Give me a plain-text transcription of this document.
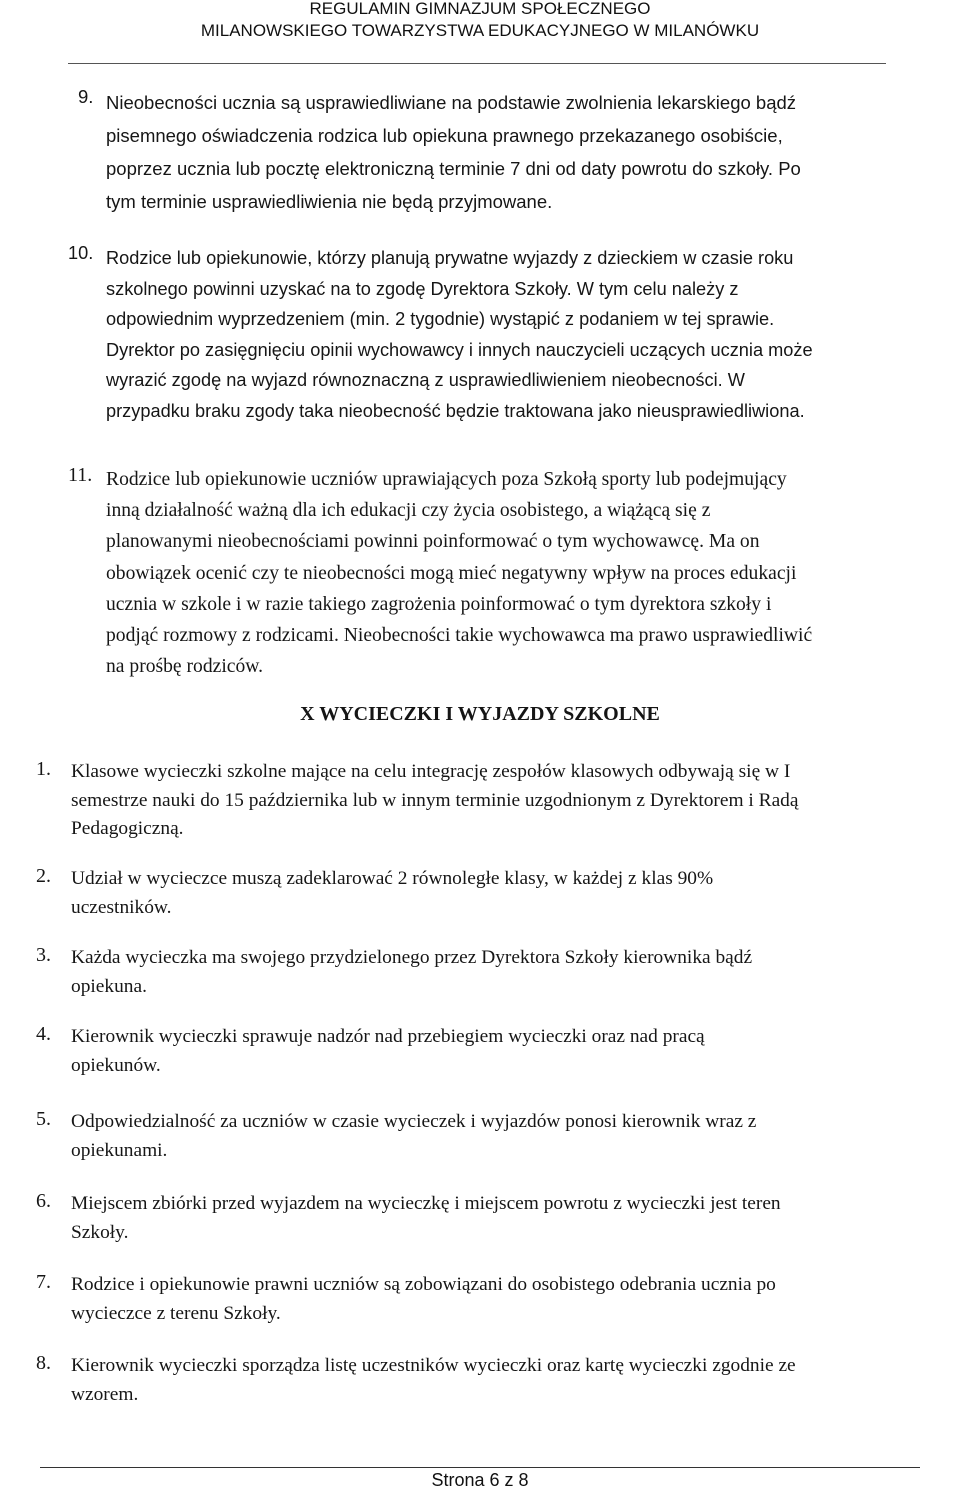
REGULAMIN GIMNAZJUM SPOŁECZNEGO
MILANOWSKIEGO TOWARZYSTWA EDUKACYJNEGO W MILANÓWKU
9. Nieobecności ucznia są usprawiedliwiane na podstawie zwolnienia lekarskiego bądź
pisemnego oświadczenia rodzica lub opiekuna prawnego przekazanego osobiście,
poprzez ucznia lub pocztę elektroniczną terminie 7 dni od daty powrotu do szkoły. Po
tym terminie usprawiedliwienia nie będą przyjmowane.
10. Rodzice lub opiekunowie, którzy planują prywatne wyjazdy z dzieckiem w czasie roku
szkolnego powinni uzyskać na to zgodę Dyrektora Szkoły. W tym celu należy z
odpowiednim wyprzedzeniem (min. 2 tygodnie) wystąpić z podaniem w tej sprawie.
Dyrektor po zasięgnięciu opinii wychowawcy i innych nauczycieli uczących ucznia może
wyrazić zgodę na wyjazd równoznaczną z usprawiedliwieniem nieobecności. W
przypadku braku zgody taka nieobecność będzie traktowana jako nieusprawiedliwiona.
11. Rodzice lub opiekunowie uczniów uprawiających poza Szkołą sporty lub podejmujący
inną działalność ważną dla ich edukacji czy życia osobistego, a wiążącą się z
planowanymi nieobecnościami powinni poinformować o tym wychowawcę. Ma on
obowiązek ocenić czy te nieobecności mogą mieć negatywny wpływ na proces edukacji
ucznia w szkole i w razie takiego zagrożenia poinformować o tym dyrektora szkoły i
podjąć rozmowy z rodzicami. Nieobecności takie wychowawca ma prawo usprawiedliwić
na prośbę rodziców.
X WYCIECZKI I WYJAZDY SZKOLNE
1. Klasowe wycieczki szkolne mające na celu integrację zespołów klasowych odbywają się w I
semestrze nauki do 15 października lub w innym terminie uzgodnionym z Dyrektorem i Radą
Pedagogiczną.
2. Udział w wycieczce muszą zadeklarować 2 równoległe klasy, w każdej z klas 90%
uczestników.
3. Każda wycieczka ma swojego przydzielonego przez Dyrektora Szkoły kierownika bądź
opiekuna.
4. Kierownik wycieczki sprawuje nadzór nad przebiegiem wycieczki oraz nad pracą
opiekunów.
5. Odpowiedzialność za uczniów w czasie wycieczek i wyjazdów ponosi kierownik wraz z
opiekunami.
6. Miejscem zbiórki przed wyjazdem na wycieczkę i miejscem powrotu z wycieczki jest teren
Szkoły.
7. Rodzice i opiekunowie prawni uczniów są zobowiązani do osobistego odebrania ucznia po
wycieczce z terenu Szkoły.
8. Kierownik wycieczki sporządza listę uczestników wycieczki oraz kartę wycieczki zgodnie ze
wzorem.
Strona 6 z 8
